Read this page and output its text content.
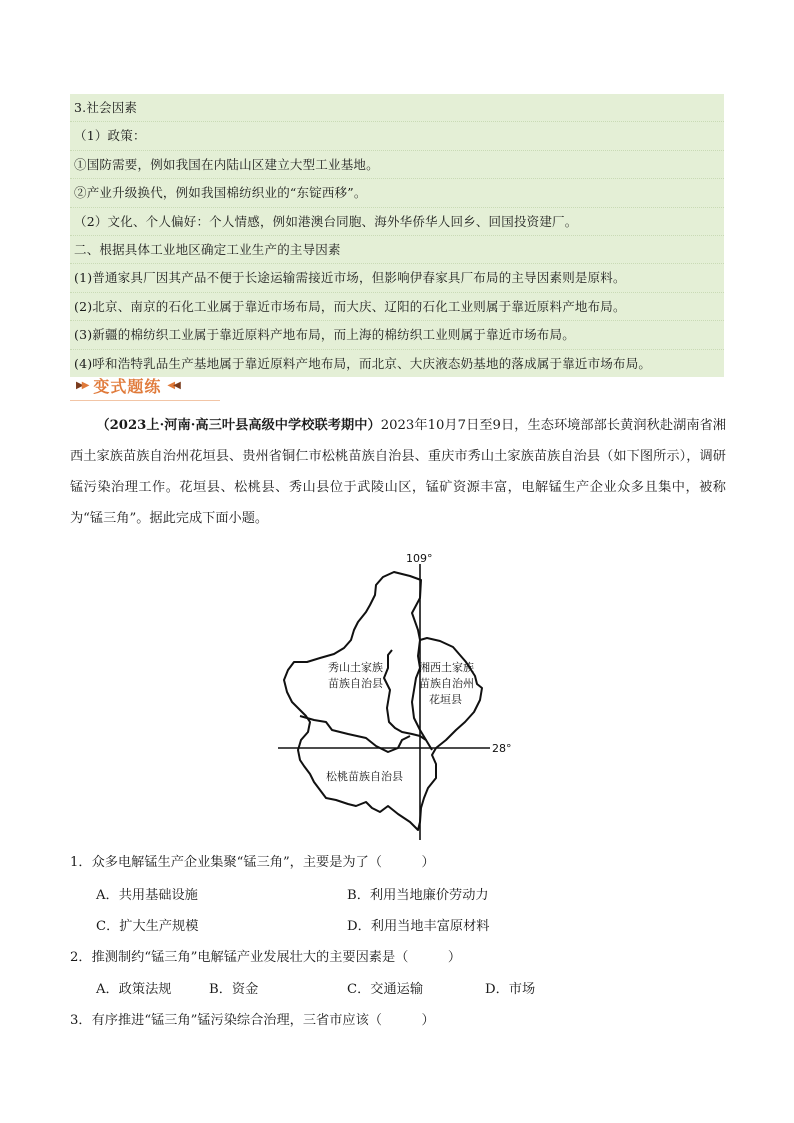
3.社会因素
（1）政策：
①国防需要，例如我国在内陆山区建立大型工业基地。
②产业升级换代，例如我国棉纺织业的“东锭西移”。
（2）文化、个人偏好：个人情感，例如港澳台同胞、海外华侨华人回乡、回国投资建厂。
二、根据具体工业地区确定工业生产的主导因素
(1)普通家具厂因其产品不便于长途运输需接近市场，但影响伊春家具厂布局的主导因素则是原料。
(2)北京、南京的石化工业属于靠近市场布局，而大庆、辽阳的石化工业则属于靠近原料产地布局。
(3)新疆的棉纺织工业属于靠近原料产地布局，而上海的棉纺织工业则属于靠近市场布局。
(4)呼和浩特乳品生产基地属于靠近原料产地布局，而北京、大庆液态奶基地的落成属于靠近市场布局。
▶▶ 变式题练 ◀◀
（2023上·河南·高三叶县高级中学校联考期中）2023年10月7日至9日，生态环境部部长黄润秋赴湖南省湘西土家族苗族自治州花垣县、贵州省铜仁市松桃苗族自治县、重庆市秀山土家族苗族自治县（如下图所示），调研锰污染治理工作。花垣县、松桃县、秀山县位于武陵山区，锰矿资源丰富，电解锰生产企业众多且集中，被称为“锰三角”。据此完成下面小题。
109°
28°
秀山土家族
苗族自治县
湘西土家族
苗族自治州
花垣县
松桃苗族自治县
1．众多电解锰生产企业集聚“锰三角”，主要是为了（　　　）
A．共用基础设施	B．利用当地廉价劳动力
C．扩大生产规模	D．利用当地丰富原材料
2．推测制约“锰三角”电解锰产业发展壮大的主要因素是（　　　）
A．政策法规	B．资金	C．交通运输	D．市场
3．有序推进“锰三角”锰污染综合治理，三省市应该（　　　）
